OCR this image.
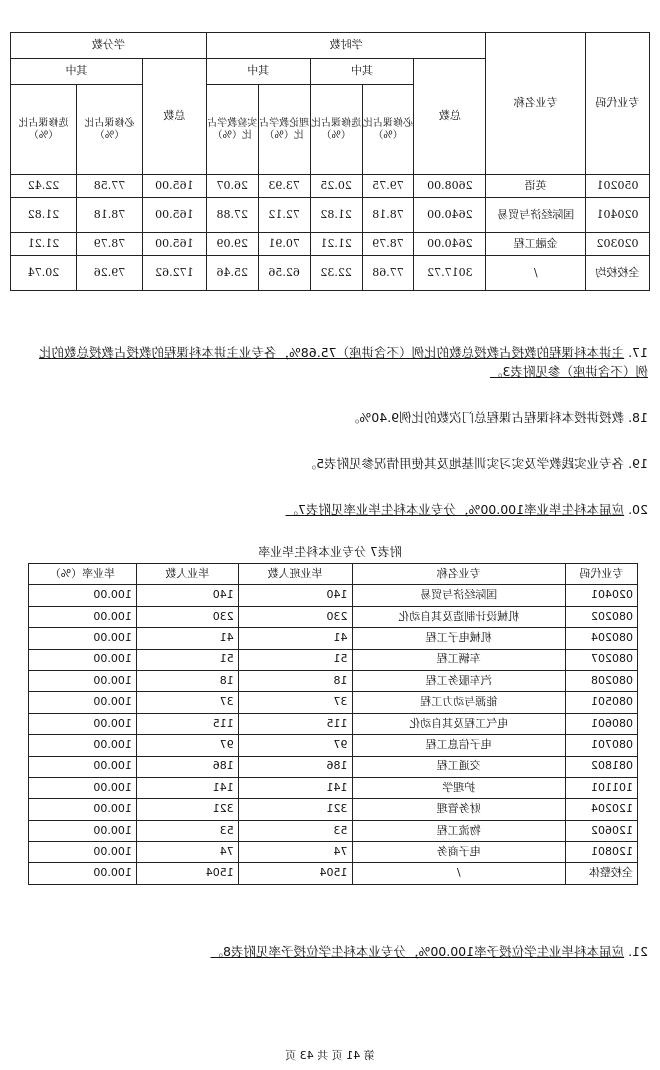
专业代码	专业名称	学时数					学分数		
		总数	其中		其中		总数	其中	
			必修课占比（%）	选修课占比（%）	理论教学占比（%）	实验教学占比（%）		必修课占比（%）	选修课占比（%）
050201	英语	2608.00	79.75	20.25	73.93	26.07	165.00	77.58	22.42
020401	国际经济与贸易	2640.00	78.18	21.82	72.12	27.88	165.00	78.18	21.82
020302	金融工程	2640.00	78.79	21.21	70.91	29.09	165.00	78.79	21.21
全校校均	/	3017.72	77.68	22.32	62.56	25.46	172.62	79.26	20.74
17. 主讲本科课程的教授占教授总数的比例（不含讲座）75.68%，各专业主讲本科课程的教授占教授总数的比例（不含讲座）参见附表3。
18. 教授讲授本科课程占课程总门次数的比例9.40%。
19. 各专业实践教学及实习实训基地及其使用情况参见附表5。
20. 应届本科生毕业率100.00%，分专业本科生毕业率见附表7。
附表7 分专业本科生毕业率
专业代码	专业名称	毕业班人数	毕业人数	毕业率（%）
020401	国际经济与贸易	140	140	100.00
080202	机械设计制造及其自动化	230	230	100.00
080204	机械电子工程	41	41	100.00
080207	车辆工程	51	51	100.00
080208	汽车服务工程	18	18	100.00
080501	能源与动力工程	37	37	100.00
080601	电气工程及其自动化	115	115	100.00
080701	电子信息工程	97	97	100.00
081802	交通工程	186	186	100.00
101101	护理学	141	141	100.00
120204	财务管理	321	321	100.00
120602	物流工程	53	53	100.00
120801	电子商务	74	74	100.00
全校整体	/	1504	1504	100.00
21. 应届本科毕业生学位授予率100.00%，分专业本科生学位授予率见附表8。
第 41 页 共 43 页
